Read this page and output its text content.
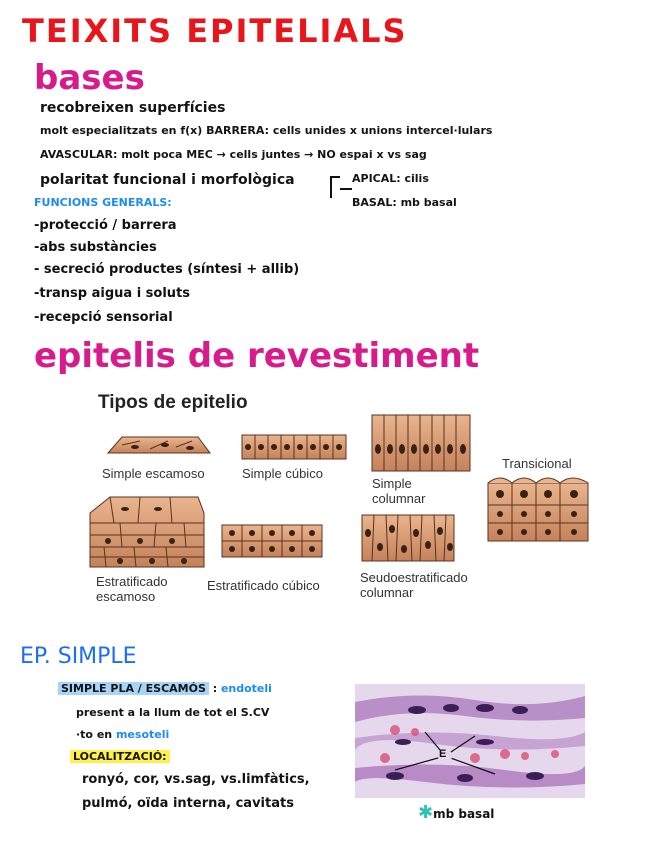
TEIXITS EPITELIALS
bases
recobreixen superfícies
molt especialitzats en f(x) BARRERA: cells unides x unions intercel·lulars
AVASCULAR: molt poca MEC → cells juntes → NO espai x vs sag
polaritat funcional i morfològica	APICAL: cilis
BASAL: mb basal
FUNCIONS GENERALS:
-protecció / barrera
-abs substàncies
- secreció productes (síntesi + allib)
-transp aigua i soluts
-recepció sensorial
epitelis de revestiment
Tipos de epitelio
Simple escamoso	Simple cúbico
Simple
columnar
Transicional
Estratificado
escamoso
Estratificado cúbico
Seudoestratificado
columnar
EP. SIMPLE
SIMPLE PLA / ESCAMÓS : endoteli
present a la llum de tot el S.CV
·to en mesoteli
LOCALITZACIÓ:
ronyó, cor, vs.sag, vs.limfàtics,
pulmó, oïda interna, cavitats
E
✱mb basal
